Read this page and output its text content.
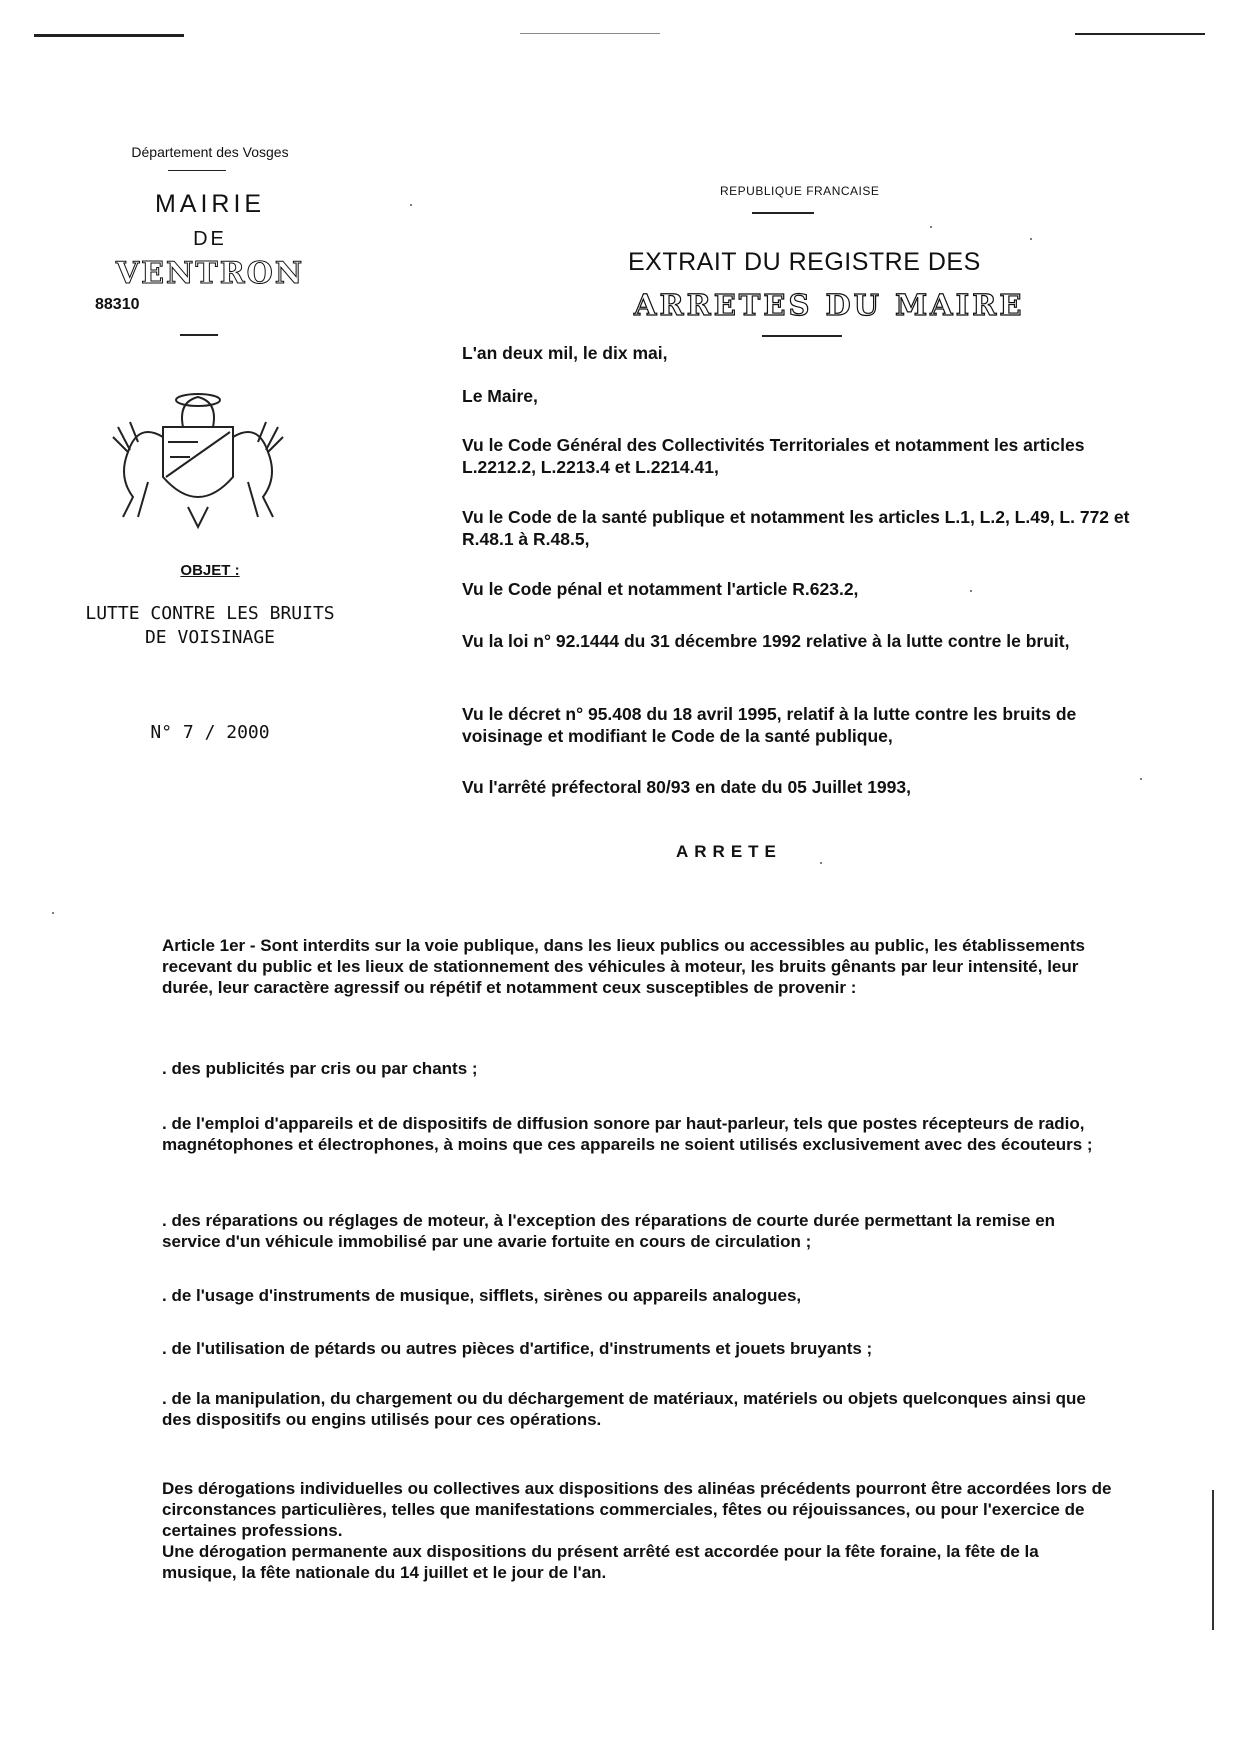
Département des Vosges
MAIRIE
DE
VENTRON
88310
OBJET :
LUTTE CONTRE LES BRUITS
DE VOISINAGE
N° 7 / 2000
REPUBLIQUE FRANCAISE
EXTRAIT DU REGISTRE DES
ARRETES DU MAIRE
L'an deux mil, le dix mai,
Le Maire,
Vu le Code Général des Collectivités Territoriales et notamment les articles L.2212.2, L.2213.4 et L.2214.41,
Vu le Code de la santé publique et notamment les articles L.1, L.2, L.49, L. 772 et R.48.1 à R.48.5,
Vu le Code pénal et notamment l'article R.623.2,
Vu la loi n° 92.1444 du 31 décembre 1992 relative à la lutte contre le bruit,
Vu le décret n° 95.408 du 18 avril 1995, relatif à la lutte contre les bruits de voisinage et modifiant le Code de la santé publique,
Vu l'arrêté préfectoral 80/93 en date du 05 Juillet 1993,
ARRETE
Article 1er - Sont interdits sur la voie publique, dans les lieux publics ou accessibles au public, les établissements recevant du public et les lieux de stationnement des véhicules à moteur, les bruits gênants par leur intensité, leur durée, leur caractère agressif ou répétif et notamment ceux susceptibles de provenir :
. des publicités par cris ou par chants ;
. de l'emploi d'appareils et de dispositifs de diffusion sonore par haut-parleur, tels que postes récepteurs de radio, magnétophones et électrophones, à moins que ces appareils ne soient utilisés exclusivement avec des écouteurs ;
. des réparations ou réglages de moteur, à l'exception des réparations de courte durée permettant la remise en service d'un véhicule immobilisé par une avarie fortuite en cours de circulation ;
. de l'usage d'instruments de musique, sifflets, sirènes ou appareils analogues,
. de l'utilisation de pétards ou autres pièces d'artifice, d'instruments et jouets bruyants ;
. de la manipulation, du chargement ou du déchargement de matériaux, matériels ou objets quelconques ainsi que des dispositifs ou engins utilisés pour ces opérations.
Des dérogations individuelles ou collectives aux dispositions des alinéas précédents pourront être accordées lors de circonstances particulières, telles que manifestations commerciales, fêtes ou réjouissances, ou pour l'exercice de certaines professions.
Une dérogation permanente aux dispositions du présent arrêté est accordée pour la fête foraine, la fête de la musique, la fête nationale du 14 juillet et le jour de l'an.
